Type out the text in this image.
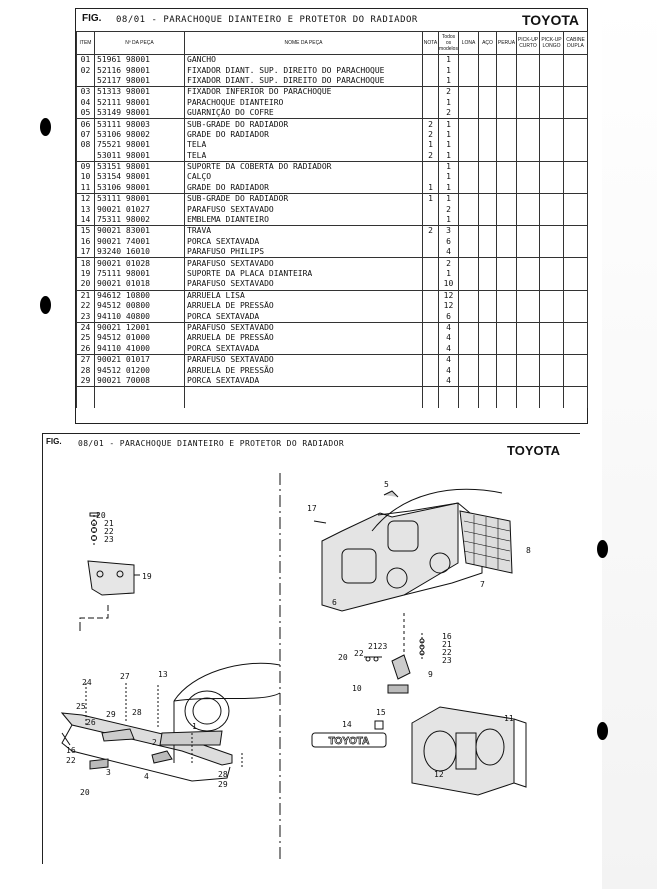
FIG. 08/01 - PARACHOQUE DIANTEIRO E PROTETOR DO RADIADOR	TOYOTA
ITEM	Nº DA PEÇA	NOME DA PEÇA	NOTA	Todos os modelos	LONA	AÇO	PERUA	PICK-UP CURTO	PICK-UP LONGO	CABINE DUPLA
01	51961 98001	GANCHO		1						
02	52116 98001	FIXADOR DIANT. SUP. DIREITO DO PARACHOQUE		1						
	52117 98001	FIXADOR DIANT. SUP. DIREITO DO PARACHOQUE		1						
03	51313 98001	FIXADOR INFERIOR DO PARACHOQUE		2						
04	52111 98001	PARACHOQUE DIANTEIRO		1						
05	53149 98001	GUARNIÇÃO DO COFRE		2						
06	53111 98003	SUB-GRADE DO RADIADOR	2	1						
07	53106 98002	GRADE DO RADIADOR	2	1						
08	75521 98001	TELA	1	1						
	53011 98001	TELA	2	1						
09	53151 98001	SUPORTE DA COBERTA DO RADIADOR		1						
10	53154 98001	CALÇO		1						
11	53106 98001	GRADE DO RADIADOR	1	1						
12	53111 98001	SUB-GRADE DO RADIADOR	1	1						
13	90021 01027	PARAFUSO SEXTAVADO		2						
14	75311 98002	EMBLEMA DIANTEIRO		1						
15	90021 83001	TRAVA	2	3						
16	90021 74001	PORCA SEXTAVADA		6						
17	93240 16010	PARAFUSO PHILIPS		4						
18	90021 01028	PARAFUSO SEXTAVADO		2						
19	75111 98001	SUPORTE DA PLACA DIANTEIRA		1						
20	90021 01018	PARAFUSO SEXTAVADO		10						
21	94612 10800	ARRUELA LISA		12						
22	94512 00800	ARRUELA DE PRESSÃO		12						
23	94110 40800	PORCA SEXTAVADA		6						
24	90021 12001	PARAFUSO SEXTAVADO		4						
25	94512 01000	ARRUELA DE PRESSÃO		4						
26	94110 41000	PORCA SEXTAVADA		4						
27	90021 01017	PARAFUSO SEXTAVADO		4						
28	94512 01200	ARRUELA DE PRESSÃO		4						
29	90021 70008	PORCA SEXTAVADA		4						

FIG. 08/01 - PARACHOQUE DIANTEIRO E PROTETOR DO RADIADOR	TOYOTA
TOYOTA
20
21
22
23
19
17
5
8
7
6
16
21
22
23
20 22
2123
9
10
14
15
11
12
24
27	13
25
26
29 28
16
22
3	4
20
2
28
29
1
